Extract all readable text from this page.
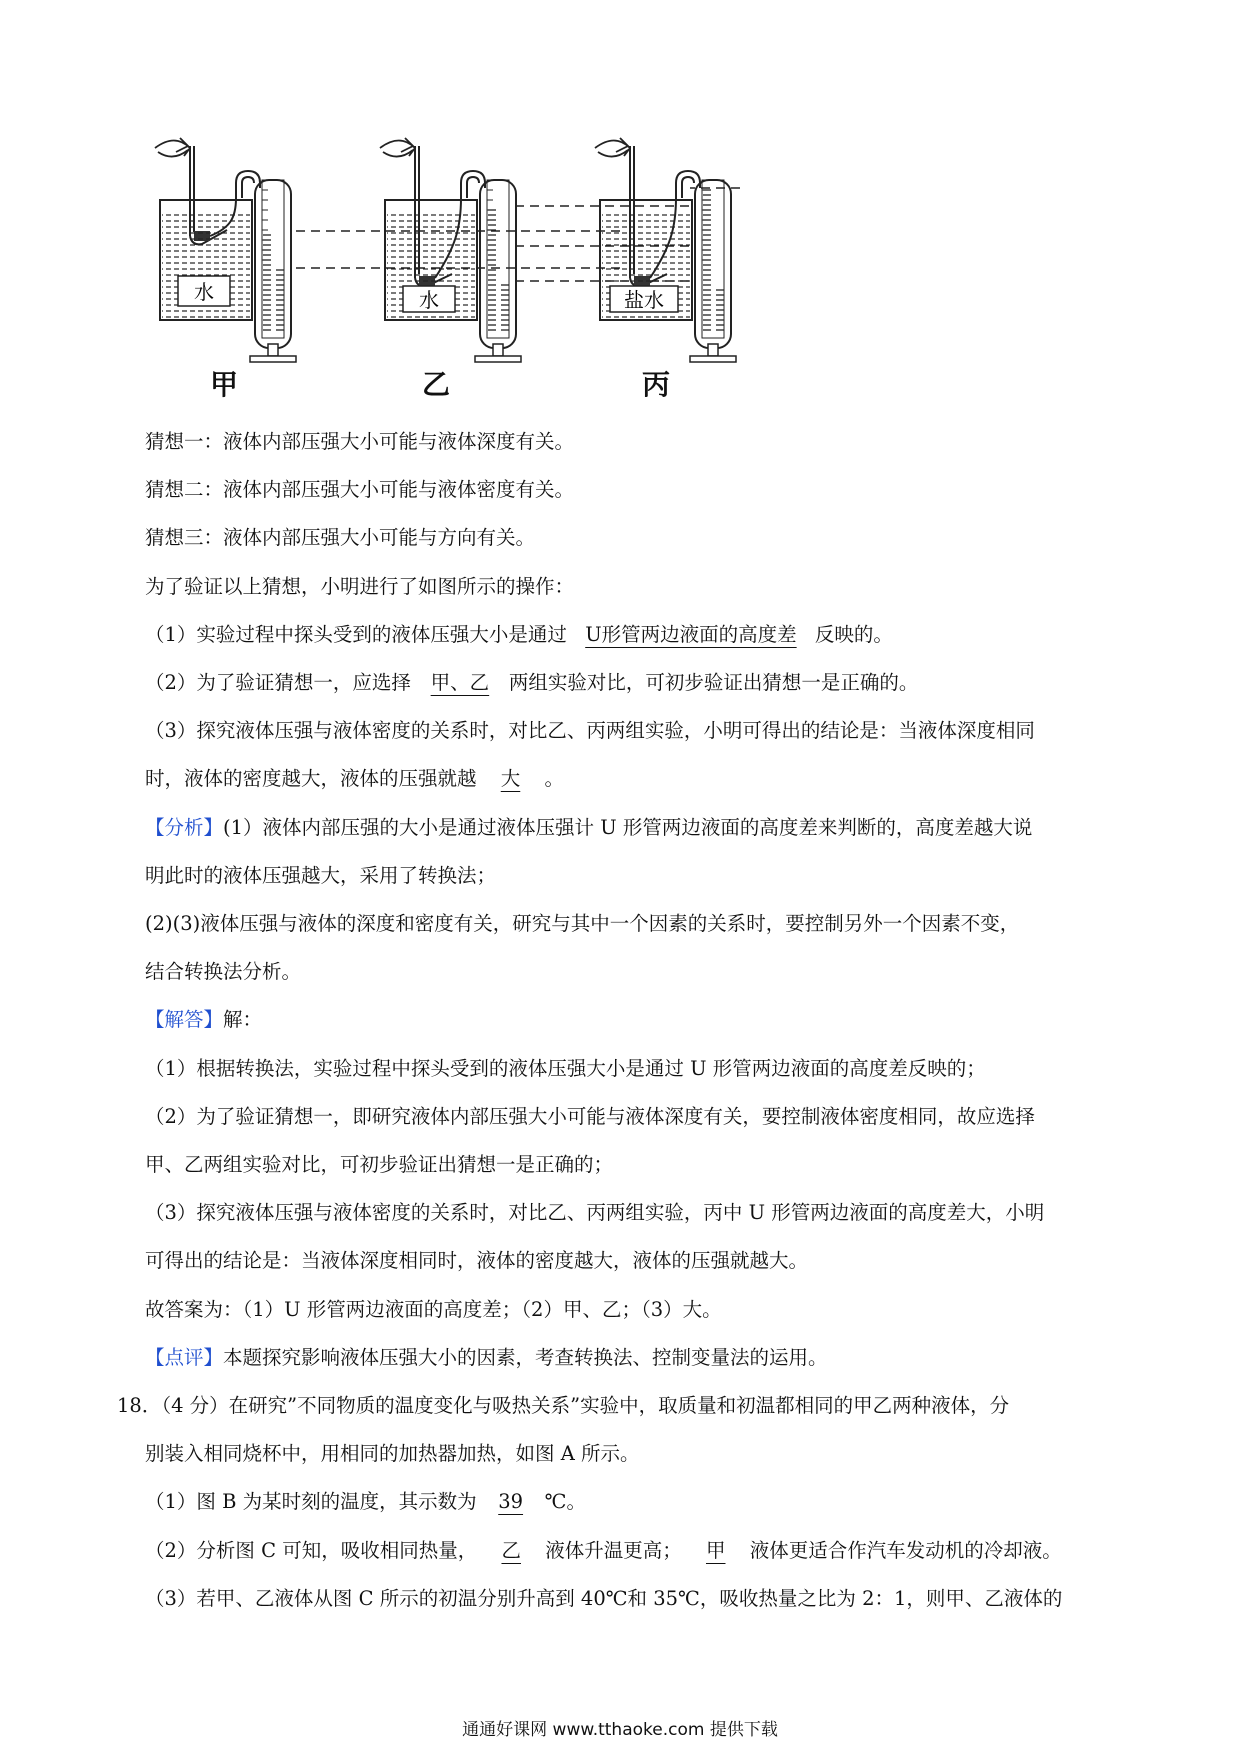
水	水	盐水
甲	乙	丙

猜想一：液体内部压强大小可能与液体深度有关。

猜想二：液体内部压强大小可能与液体密度有关。

猜想三：液体内部压强大小可能与方向有关。

为了验证以上猜想，小明进行了如图所示的操作：

（1）实验过程中探头受到的液体压强大小是通过 U形管两边液面的高度差 反映的。

（2）为了验证猜想一，应选择 甲、乙 两组实验对比，可初步验证出猜想一是正确的。

（3）探究液体压强与液体密度的关系时，对比乙、丙两组实验，小明可得出的结论是：当液体深度相同

时，液体的密度越大，液体的压强就越 大 。

【分析】(1）液体内部压强的大小是通过液体压强计 U 形管两边液面的高度差来判断的，高度差越大说

明此时的液体压强越大，采用了转换法；

(2)(3)液体压强与液体的深度和密度有关，研究与其中一个因素的关系时，要控制另外一个因素不变，

结合转换法分析。

【解答】解：

（1）根据转换法，实验过程中探头受到的液体压强大小是通过 U 形管两边液面的高度差反映的；

（2）为了验证猜想一，即研究液体内部压强大小可能与液体深度有关，要控制液体密度相同，故应选择

甲、乙两组实验对比，可初步验证出猜想一是正确的；

（3）探究液体压强与液体密度的关系时，对比乙、丙两组实验，丙中 U 形管两边液面的高度差大，小明

可得出的结论是：当液体深度相同时，液体的密度越大，液体的压强就越大。

故答案为：（1）U 形管两边液面的高度差；（2）甲、乙；（3）大。

【点评】本题探究影响液体压强大小的因素，考查转换法、控制变量法的运用。

18．（4 分）在研究”不同物质的温度变化与吸热关系”实验中，取质量和初温都相同的甲乙两种液体，分

别装入相同烧杯中，用相同的加热器加热，如图 A 所示。

（1）图 B 为某时刻的温度，其示数为 39 ℃。

（2）分析图 C 可知，吸收相同热量， 乙 液体升温更高； 甲 液体更适合作汽车发动机的冷却液。

（3）若甲、乙液体从图 C 所示的初温分别升高到 40℃和 35℃，吸收热量之比为 2：1，则甲、乙液体的

通通好课网 www.tthaoke.com 提供下载
